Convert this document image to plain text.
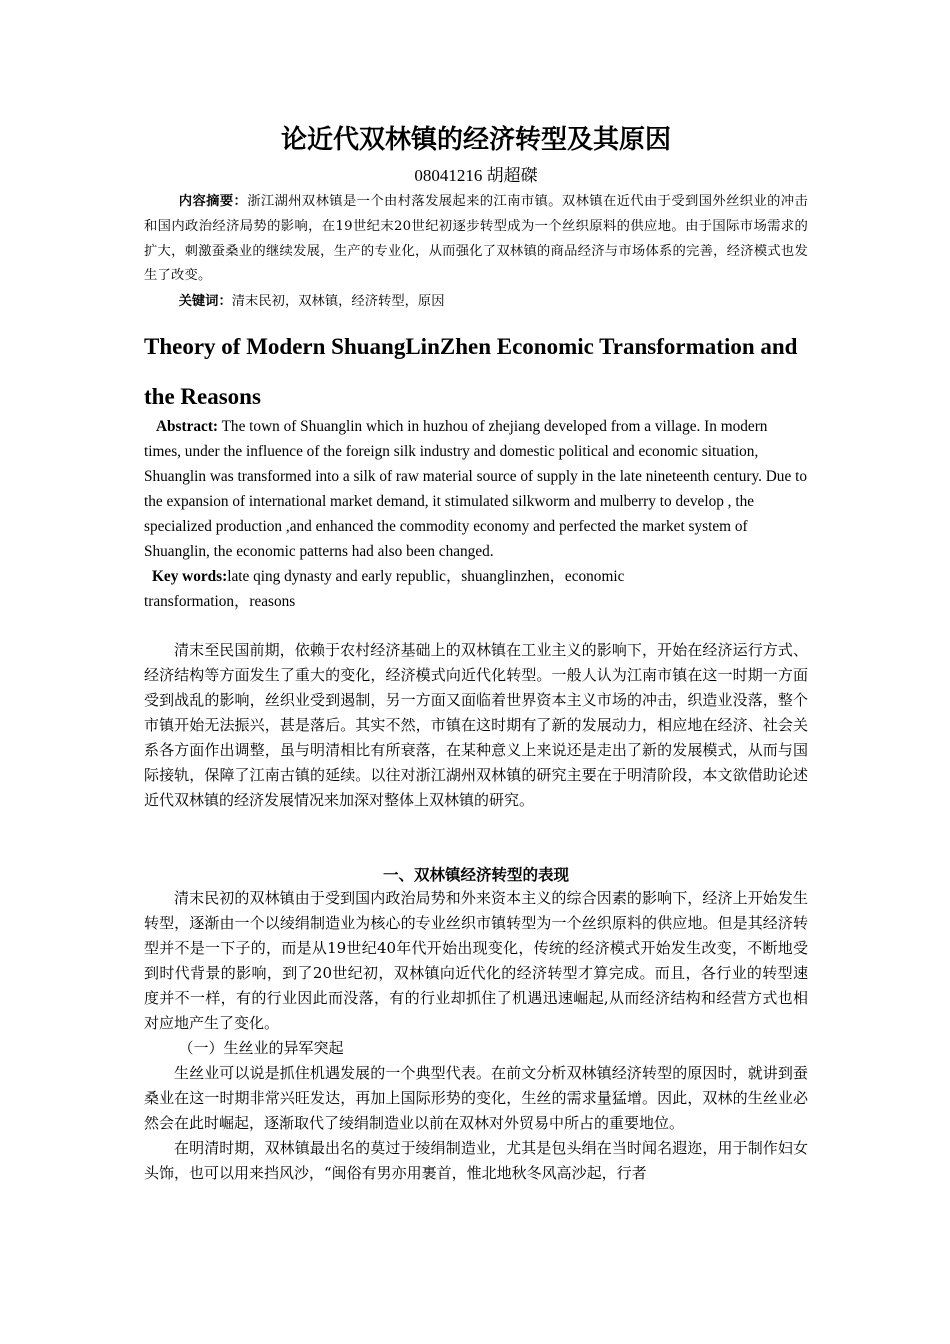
论近代双林镇的经济转型及其原因
08041216 胡超磔
内容摘要：浙江湖州双林镇是一个由村落发展起来的江南市镇。双林镇在近代由于受到国外丝织业的冲击和国内政治经济局势的影响，在19世纪末20世纪初逐步转型成为一个丝织原料的供应地。由于国际市场需求的扩大，刺激蚕桑业的继续发展，生产的专业化，从而强化了双林镇的商品经济与市场体系的完善，经济模式也发生了改变。
关键词：清末民初，双林镇，经济转型，原因
Theory of Modern ShuangLinZhen Economic Transformation and the Reasons
Abstract: The town of Shuanglin which in huzhou of zhejiang developed from a village. In modern times, under the influence of the foreign silk industry and domestic political and economic situation, Shuanglin was transformed into a silk of raw material source of supply in the late nineteenth century. Due to the expansion of international market demand, it stimulated silkworm and mulberry to develop , the specialized production ,and enhanced the commodity economy and perfected the market system of Shuanglin, the economic patterns had also been changed.
Key words:late qing dynasty and early republic，shuanglinzhen，economic transformation，reasons

清末至民国前期，依赖于农村经济基础上的双林镇在工业主义的影响下，开始在经济运行方式、经济结构等方面发生了重大的变化，经济模式向近代化转型。一般人认为江南市镇在这一时期一方面受到战乱的影响，丝织业受到遏制，另一方面又面临着世界资本主义市场的冲击，织造业没落，整个市镇开始无法振兴，甚是落后。其实不然，市镇在这时期有了新的发展动力，相应地在经济、社会关系各方面作出调整，虽与明清相比有所衰落，在某种意义上来说还是走出了新的发展模式，从而与国际接轨，保障了江南古镇的延续。以往对浙江湖州双林镇的研究主要在于明清阶段，本文欲借助论述近代双林镇的经济发展情况来加深对整体上双林镇的研究。

一、双林镇经济转型的表现

清末民初的双林镇由于受到国内政治局势和外来资本主义的综合因素的影响下，经济上开始发生转型，逐渐由一个以绫绢制造业为核心的专业丝织市镇转型为一个丝织原料的供应地。但是其经济转型并不是一下子的，而是从19世纪40年代开始出现变化，传统的经济模式开始发生改变，不断地受到时代背景的影响，到了20世纪初，双林镇向近代化的经济转型才算完成。而且，各行业的转型速度并不一样，有的行业因此而没落，有的行业却抓住了机遇迅速崛起,从而经济结构和经营方式也相对应地产生了变化。

（一）生丝业的异军突起

生丝业可以说是抓住机遇发展的一个典型代表。在前文分析双林镇经济转型的原因时，就讲到蚕桑业在这一时期非常兴旺发达，再加上国际形势的变化，生丝的需求量猛增。因此，双林的生丝业必然会在此时崛起，逐渐取代了绫绢制造业以前在双林对外贸易中所占的重要地位。

在明清时期，双林镇最出名的莫过于绫绢制造业，尤其是包头绢在当时闻名遐迩，用于制作妇女头饰，也可以用来挡风沙，“闽俗有男亦用裹首，惟北地秋冬风高沙起，行者
